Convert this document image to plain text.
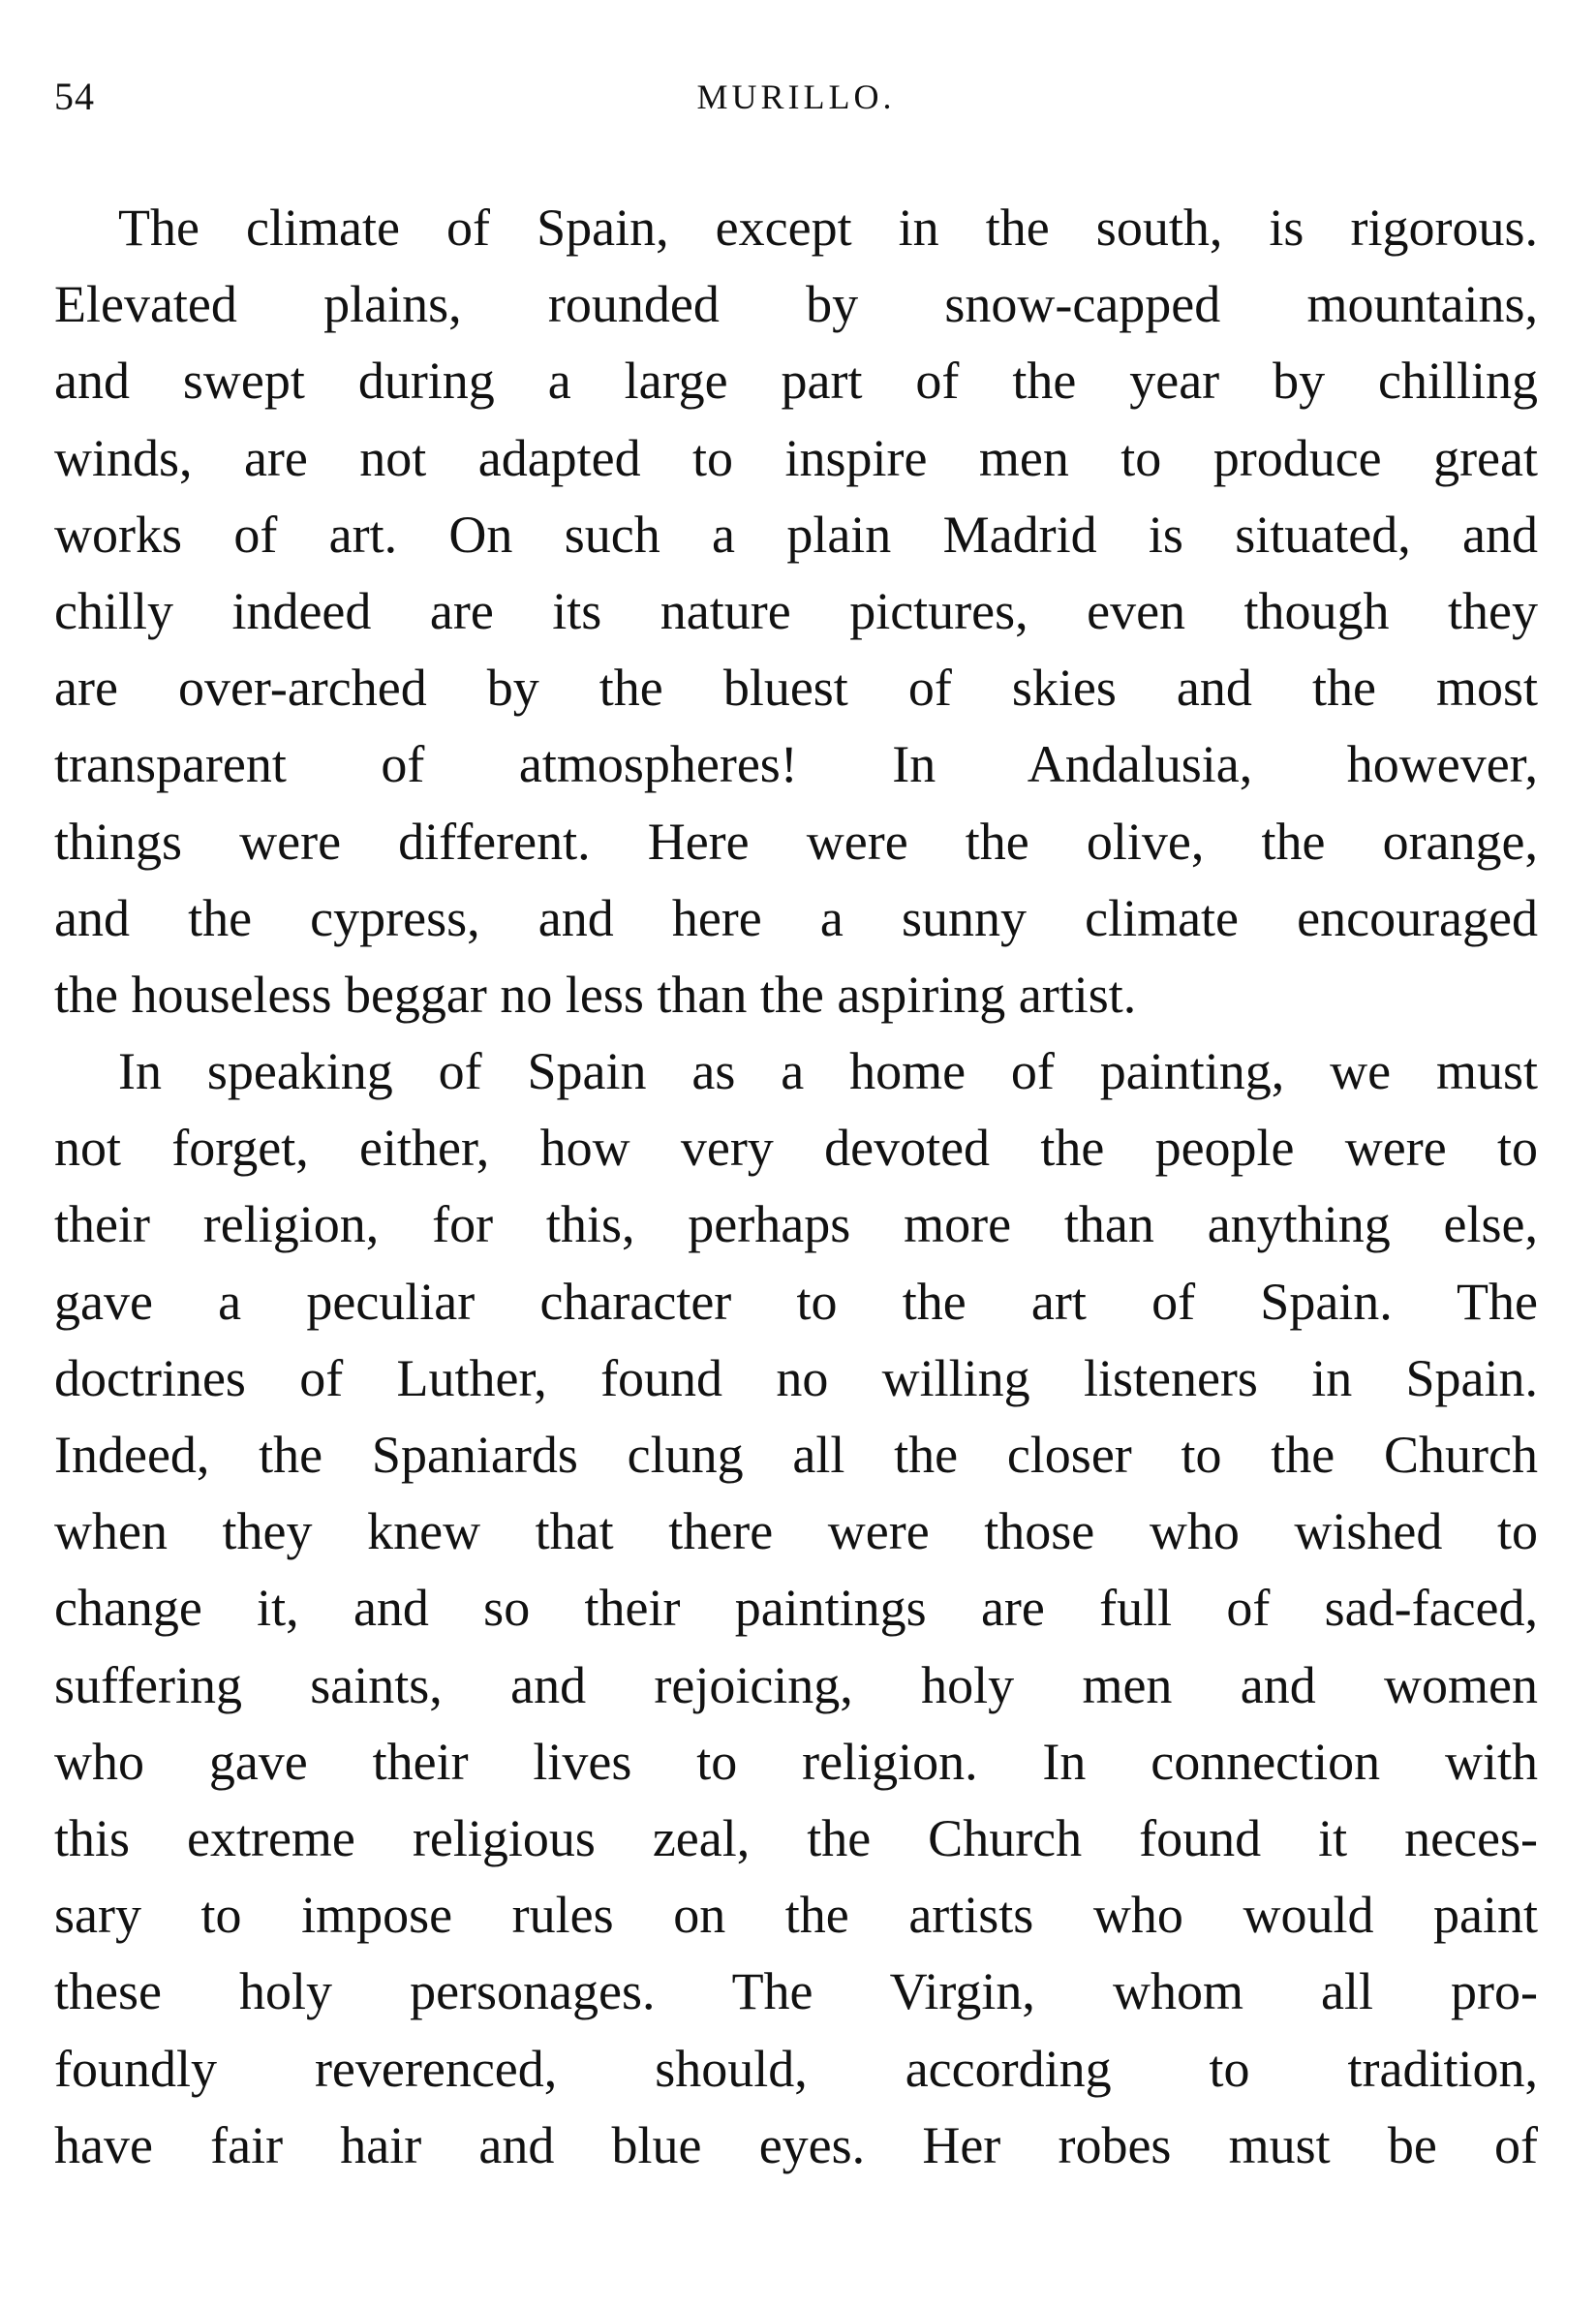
54	MURILLO.
The climate of Spain, except in the south, is rigorous.
Elevated plains, rounded by snow-capped mountains,
and swept during a large part of the year by chilling
winds, are not adapted to inspire men to produce great
works of art. On such a plain Madrid is situated, and
chilly indeed are its nature pictures, even though they
are over-arched by the bluest of skies and the most
transparent of atmospheres! In Andalusia, however,
things were different. Here were the olive, the orange,
and the cypress, and here a sunny climate encouraged
the houseless beggar no less than the aspiring artist.
In speaking of Spain as a home of painting, we must
not forget, either, how very devoted the people were to
their religion, for this, perhaps more than anything else,
gave a peculiar character to the art of Spain. The
doctrines of Luther, found no willing listeners in Spain.
Indeed, the Spaniards clung all the closer to the Church
when they knew that there were those who wished to
change it, and so their paintings are full of sad-faced,
suffering saints, and rejoicing, holy men and women
who gave their lives to religion. In connection with
this extreme religious zeal, the Church found it neces-
sary to impose rules on the artists who would paint
these holy personages. The Virgin, whom all pro-
foundly reverenced, should, according to tradition,
have fair hair and blue eyes. Her robes must be of
